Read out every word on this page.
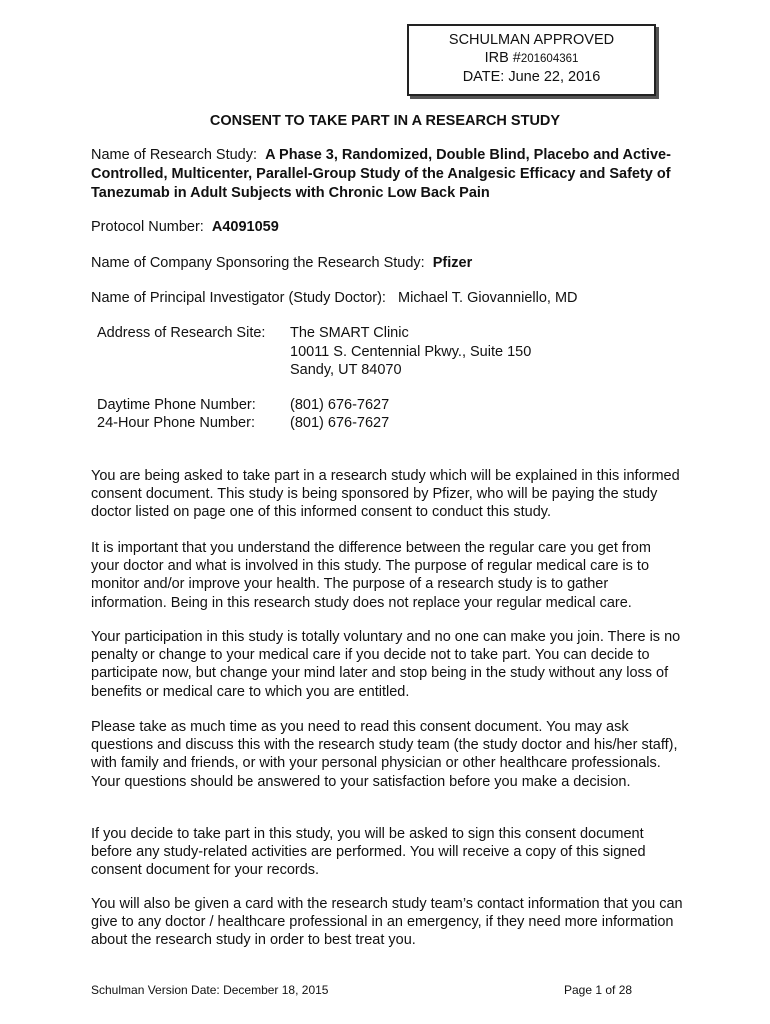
SCHULMAN APPROVED
IRB #201604361
DATE: June 22, 2016
CONSENT TO TAKE PART IN A RESEARCH STUDY
Name of Research Study: A Phase 3, Randomized, Double Blind, Placebo and Active-Controlled, Multicenter, Parallel-Group Study of the Analgesic Efficacy and Safety of Tanezumab in Adult Subjects with Chronic Low Back Pain
Protocol Number: A4091059
Name of Company Sponsoring the Research Study: Pfizer
Name of Principal Investigator (Study Doctor): Michael T. Giovanniello, MD
Address of Research Site: The SMART Clinic
10011 S. Centennial Pkwy., Suite 150
Sandy, UT 84070
Daytime Phone Number: (801) 676-7627
24-Hour Phone Number: (801) 676-7627
You are being asked to take part in a research study which will be explained in this informed consent document. This study is being sponsored by Pfizer, who will be paying the study doctor listed on page one of this informed consent to conduct this study.
It is important that you understand the difference between the regular care you get from your doctor and what is involved in this study. The purpose of regular medical care is to monitor and/or improve your health. The purpose of a research study is to gather information. Being in this research study does not replace your regular medical care.
Your participation in this study is totally voluntary and no one can make you join. There is no penalty or change to your medical care if you decide not to take part. You can decide to participate now, but change your mind later and stop being in the study without any loss of benefits or medical care to which you are entitled.
Please take as much time as you need to read this consent document. You may ask questions and discuss this with the research study team (the study doctor and his/her staff), with family and friends, or with your personal physician or other healthcare professionals. Your questions should be answered to your satisfaction before you make a decision.
If you decide to take part in this study, you will be asked to sign this consent document before any study-related activities are performed. You will receive a copy of this signed consent document for your records.
You will also be given a card with the research study team’s contact information that you can give to any doctor / healthcare professional in an emergency, if they need more information about the research study in order to best treat you.
Schulman Version Date: December 18, 2015	Page 1 of 28
